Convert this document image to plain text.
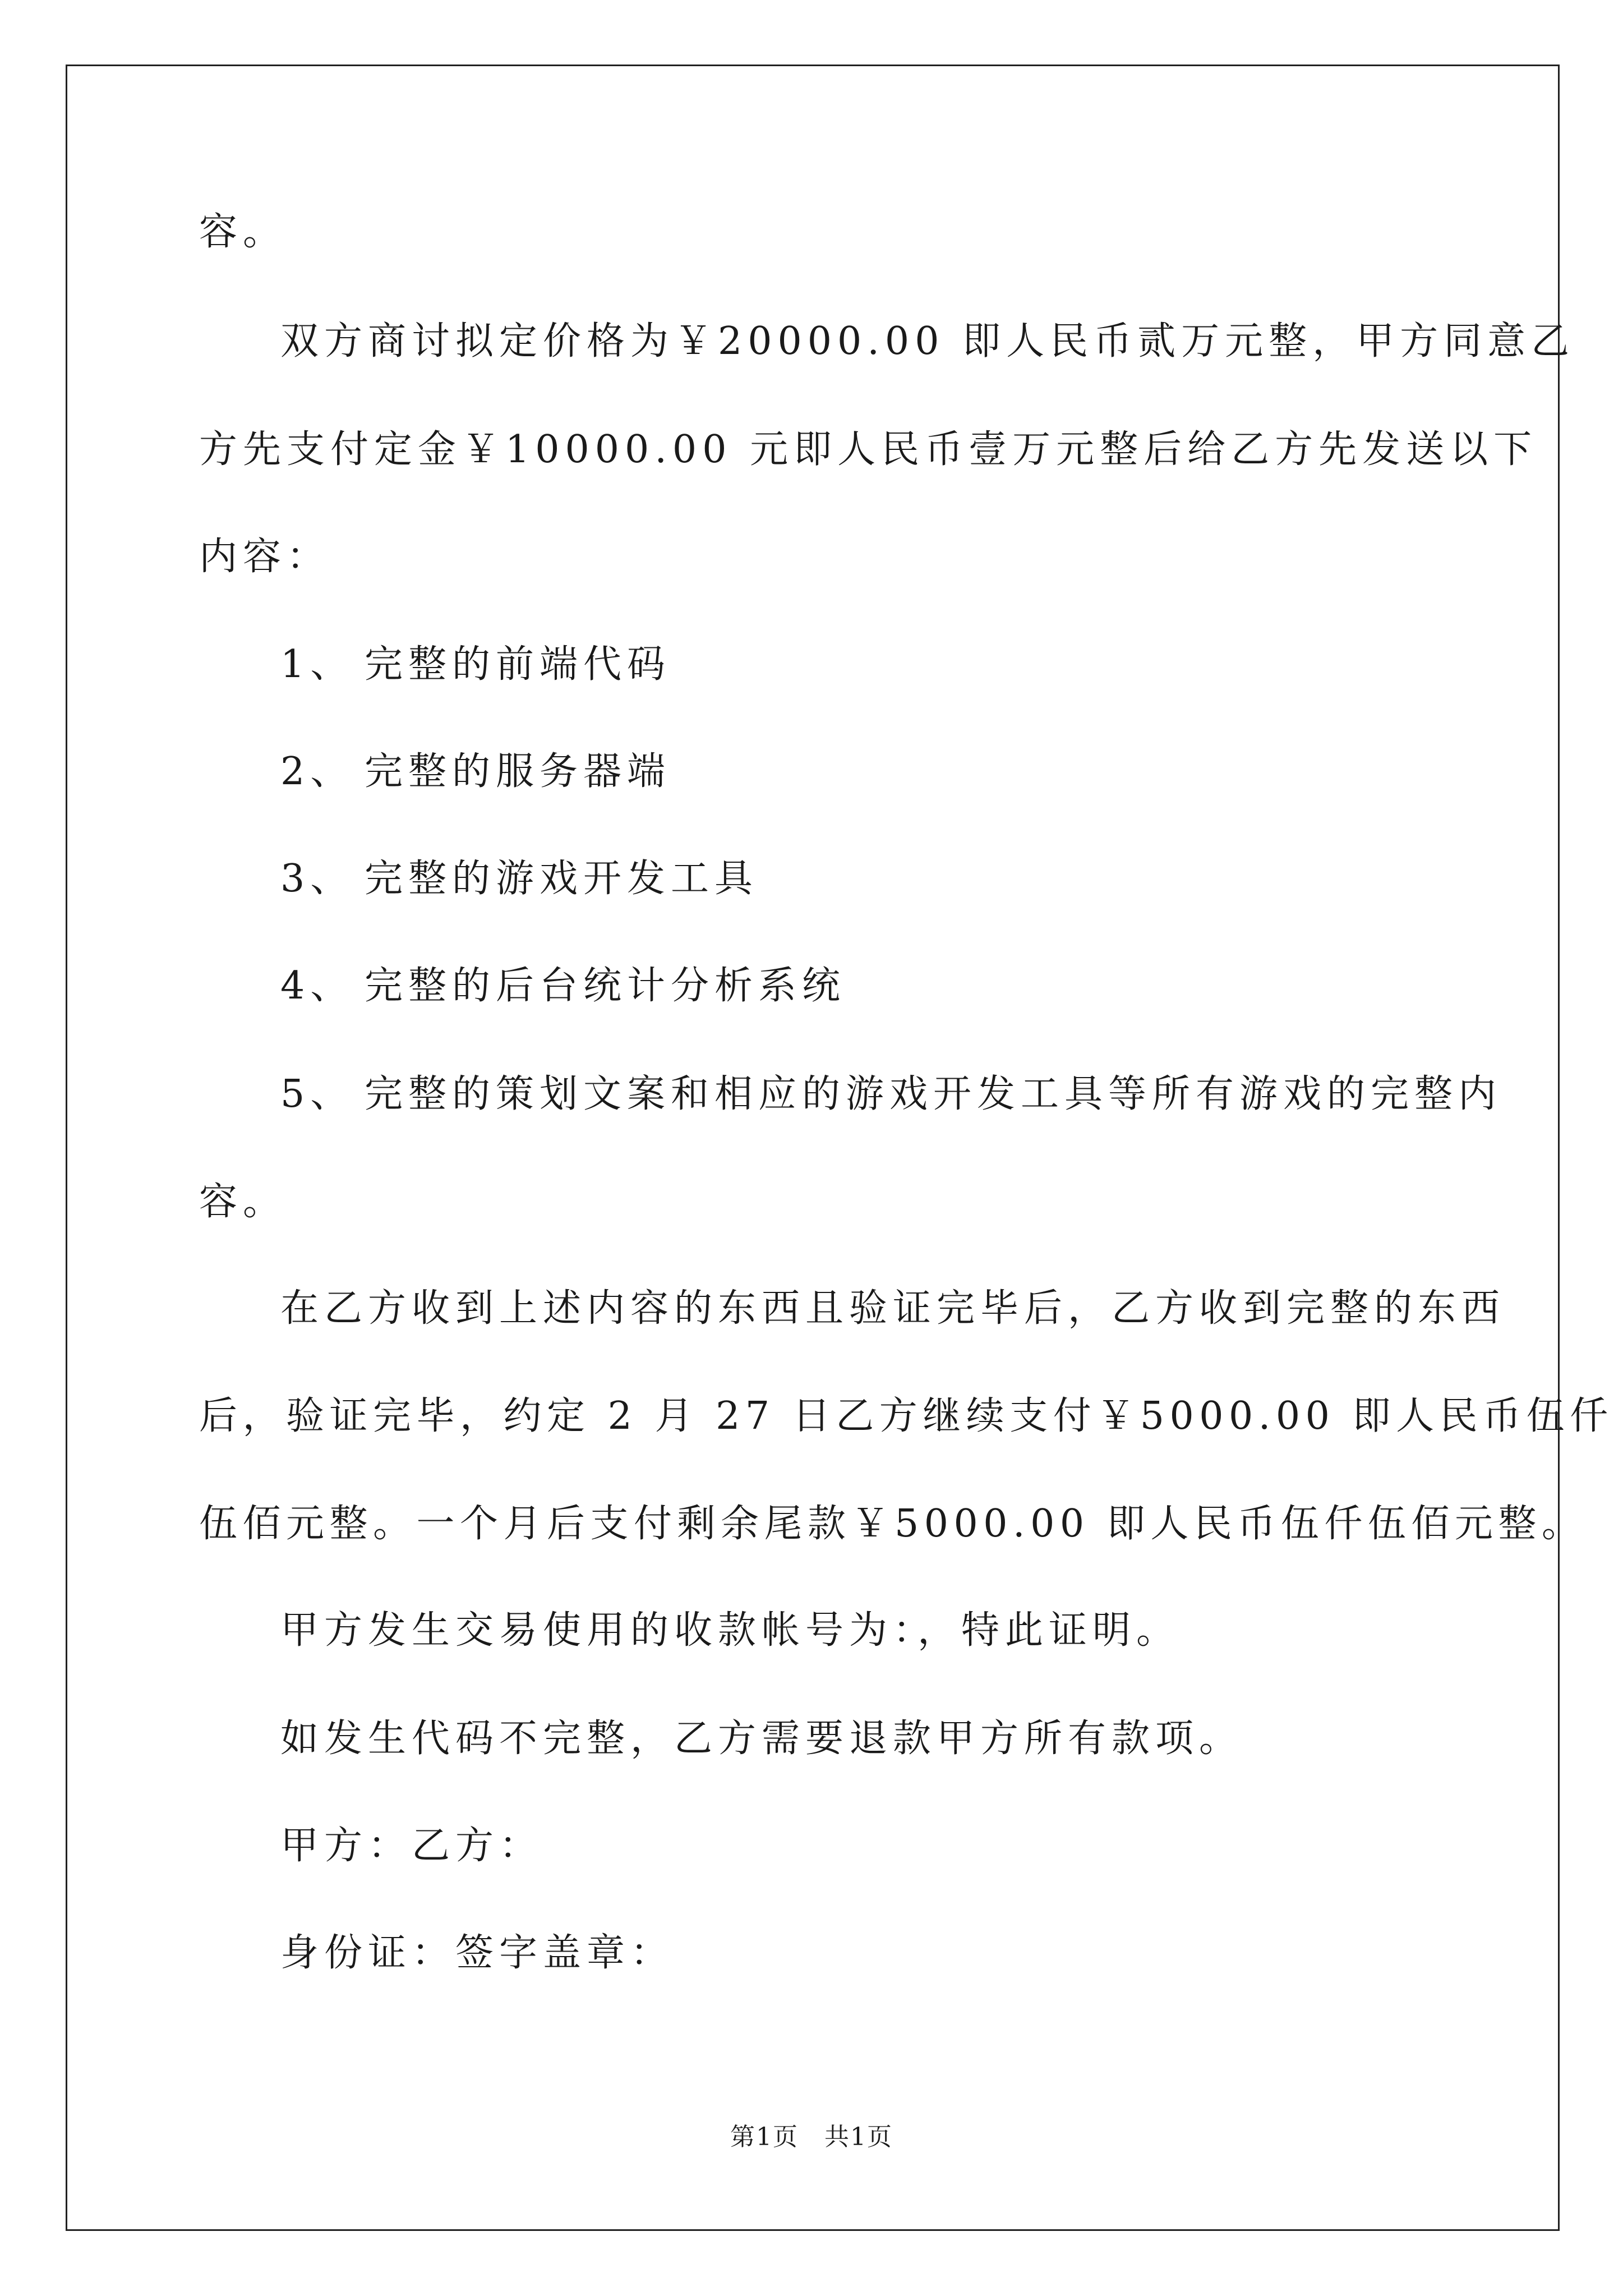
容。
双方商讨拟定价格为￥20000.00 即人民币贰万元整，甲方同意乙
方先支付定金￥10000.00 元即人民币壹万元整后给乙方先发送以下
内容：
1、 完整的前端代码
2、 完整的服务器端
3、 完整的游戏开发工具
4、 完整的后台统计分析系统
5、 完整的策划文案和相应的游戏开发工具等所有游戏的完整内
容。
在乙方收到上述内容的东西且验证完毕后，乙方收到完整的东西
后，验证完毕，约定 2 月 27 日乙方继续支付￥5000.00 即人民币伍仟
伍佰元整。一个月后支付剩余尾款￥5000.00 即人民币伍仟伍佰元整。
甲方发生交易使用的收款帐号为：，特此证明。
如发生代码不完整，乙方需要退款甲方所有款项。
甲方：乙方：
身份证：签字盖章：
第1页　共1页
